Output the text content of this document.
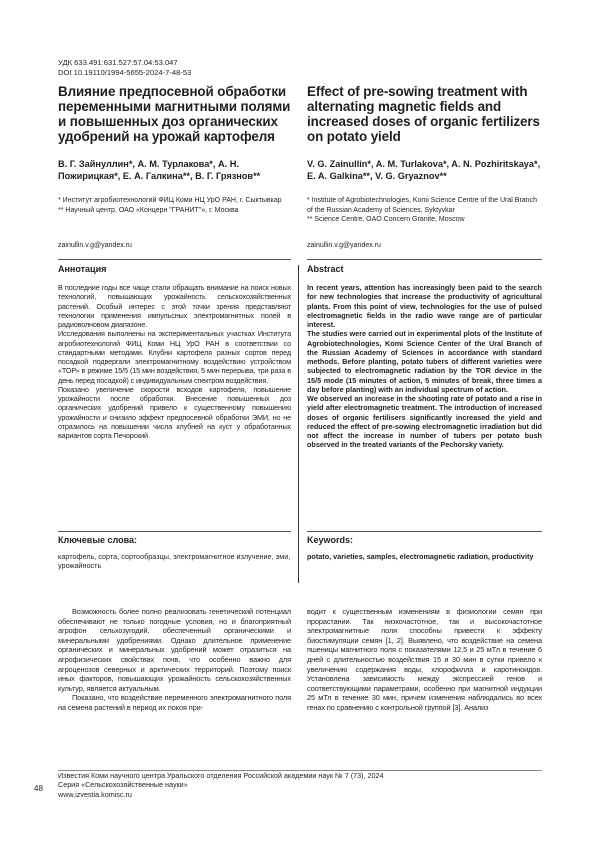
УДК 633.491:631.527:57.04:53.047
DOI 10.19110/1994-5655-2024-7-48-53
Влияние предпосевной обработки переменными магнитными полями и повышенных доз органических удобрений на урожай картофеля
В. Г. Зайнуллин*, А. М. Турлакова*, А. Н. Пожирицкая*, Е. А. Галкина**, В. Г. Грязнов**
* Институт агробиотехнологий ФИЦ Коми НЦ УрО РАН, г. Сыктывкар
** Научный центр, ОАО «Концерн "ГРАНИТ"», г. Москва
zainullin.v.g@yandex.ru
Аннотация

В последние годы все чаще стали обращать внимание на поиск новых технологий, повышающих урожайность сельскохозяйственных растений. Особый интерес с этой точки зрения представляют технологии применения импульсных электромагнитных полей в радиоволновом диапазоне.

Исследования выполнены на экспериментальных участках Института агробиотехнологий ФИЦ Коми НЦ УрО РАН в соответствии со стандартными методами. Клубни картофеля разных сортов перед посадкой подвергали электромагнитному воздействию устройством «ТОР» в режиме 15/5 (15 мин воздействия, 5 мин перерыва, три раза в день перед посадкой) с индивидуальным спектром воздействия.

Показано увеличение скорости всходов картофеля, повышение урожайности после обработки. Внесение повышенных доз органических удобрений привело к существенному повышению урожайности и снизило эффект предпосевной обработки ЭМИ, но не отразилось на повышении числа клубней на куст у обработанных вариантов сорта Печорский.

Ключевые слова:
картофель, сорта, сортообразцы, электромагнитное излучение, эми, урожайность
Effect of pre-sowing treatment with alternating magnetic fields and increased doses of organic fertilizers on potato yield
V. G. Zainullin*, A. M. Turlakova*, A. N. Pozhiritskaya*, E. A. Galkina**, V. G. Gryaznov**
* Institute of Agrobiotechnologies, Komi Science Centre of the Ural Branch of the Russian Academy of Sciences, Syktyvkar
** Science Centre, OAO Concern Granite, Moscow
zainullin.v.g@yandex.ru
Abstract

In recent years, attention has increasingly been paid to the search for new technologies that increase the productivity of agricultural plants. From this point of view, technologies for the use of pulsed electromagnetic fields in the radio wave range are of particular interest.

The studies were carried out in experimental plots of the Institute of Agrobiotechnologies, Komi Science Center of the Ural Branch of the Russian Academy of Sciences in accordance with standard methods. Before planting, potato tubers of different varieties were subjected to electromagnetic radiation by the TOR device in the 15/5 mode (15 minutes of action, 5 minutes of break, three times a day before planting) with an individual spectrum of action.

We observed an increase in the shooting rate of potato and a rise in yield after electromagnetic treatment. The introduction of increased doses of organic fertilisers significantly increased the yield and reduced the effect of pre-sowing electromagnetic irradiation but did not affect the increase in number of tubers per potato bush observed in the treated variants of the Pechorsky variety.

Keywords:
potato, varieties, samples, electromagnetic radiation, productivity

Возможность более полно реализовать генетический потенциал обеспечивают не только погодные условия, но и благоприятный агрофон сельхозугодий, обеспеченный органическими и минеральными удобрениями. Однако длительное применение органических и минеральных удобрений может отразиться на агрофизических свойствах почв, что особенно важно для агроценозов северных и арктических территорий. Поэтому поиск иных факторов, повышающих урожайность сельскохозяйственных культур, является актуальным.

Показано, что воздействие переменного электромагнитного поля на семена растений в период их покоя при-

водит к существенным изменениям в физиологии семян при прорастании. Так низкочастотное, так и высокочастотное электромагнитные поля способны привести к эффекту биостимуляции семян [1, 2]. Выявлено, что воздействие на семена пшеницы магнитного поля с показателями 12,5 и 25 мТл в течение 6 дней с длительностью воздействия 15 и 30 мин в сутки привело к увеличению содержания воды, хлорофилла и каротиноидов. Установлена зависимость между экспрессией генов и соответствующими параметрами, особенно при магнитной индукции 25 мТл в течение 30 мин, причем изменения наблюдались во всех генах по сравнению с контрольной группой [3]. Анализ

48
Известия Коми научного центра Уральского отделения Российской академии наук № 7 (73), 2024
Серия «Сельскохозяйственные науки»
www.izvestia.komisc.ru
